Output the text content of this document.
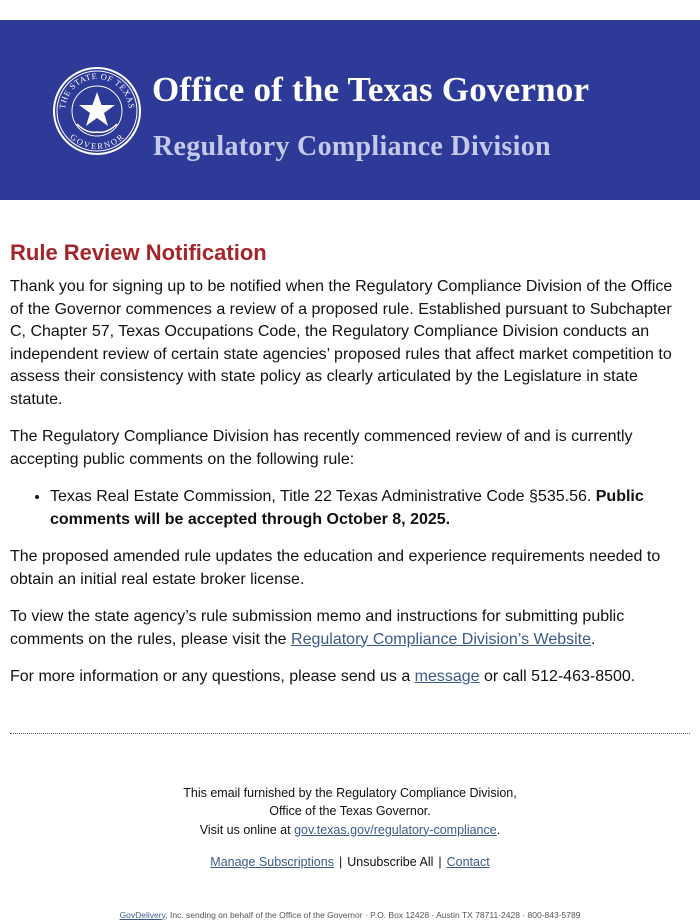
THE STATE OF TEXAS
GOVERNOR
Office of the Texas Governor
Regulatory Compliance Division
Rule Review Notification

Thank you for signing up to be notified when the Regulatory Compliance Division of the Office of the Governor commences a review of a proposed rule. Established pursuant to Subchapter C, Chapter 57, Texas Occupations Code, the Regulatory Compliance Division conducts an independent review of certain state agencies’ proposed rules that affect market competition to assess their consistency with state policy as clearly articulated by the Legislature in state statute.

The Regulatory Compliance Division has recently commenced review of and is currently accepting public comments on the following rule:

• Texas Real Estate Commission, Title 22 Texas Administrative Code §535.56. Public comments will be accepted through October 8, 2025.

The proposed amended rule updates the education and experience requirements needed to obtain an initial real estate broker license.

To view the state agency’s rule submission memo and instructions for submitting public comments on the rules, please visit the Regulatory Compliance Division’s Website.

For more information or any questions, please send us a message or call 512-463-8500.

This email furnished by the Regulatory Compliance Division,
Office of the Texas Governor.
Visit us online at gov.texas.gov/regulatory-compliance.
Manage Subscriptions | Unsubscribe All | Contact
GovDelivery, Inc. sending on behalf of the Office of the Governor · P.O. Box 12428 · Austin TX 78711-2428 · 800-843-5789
